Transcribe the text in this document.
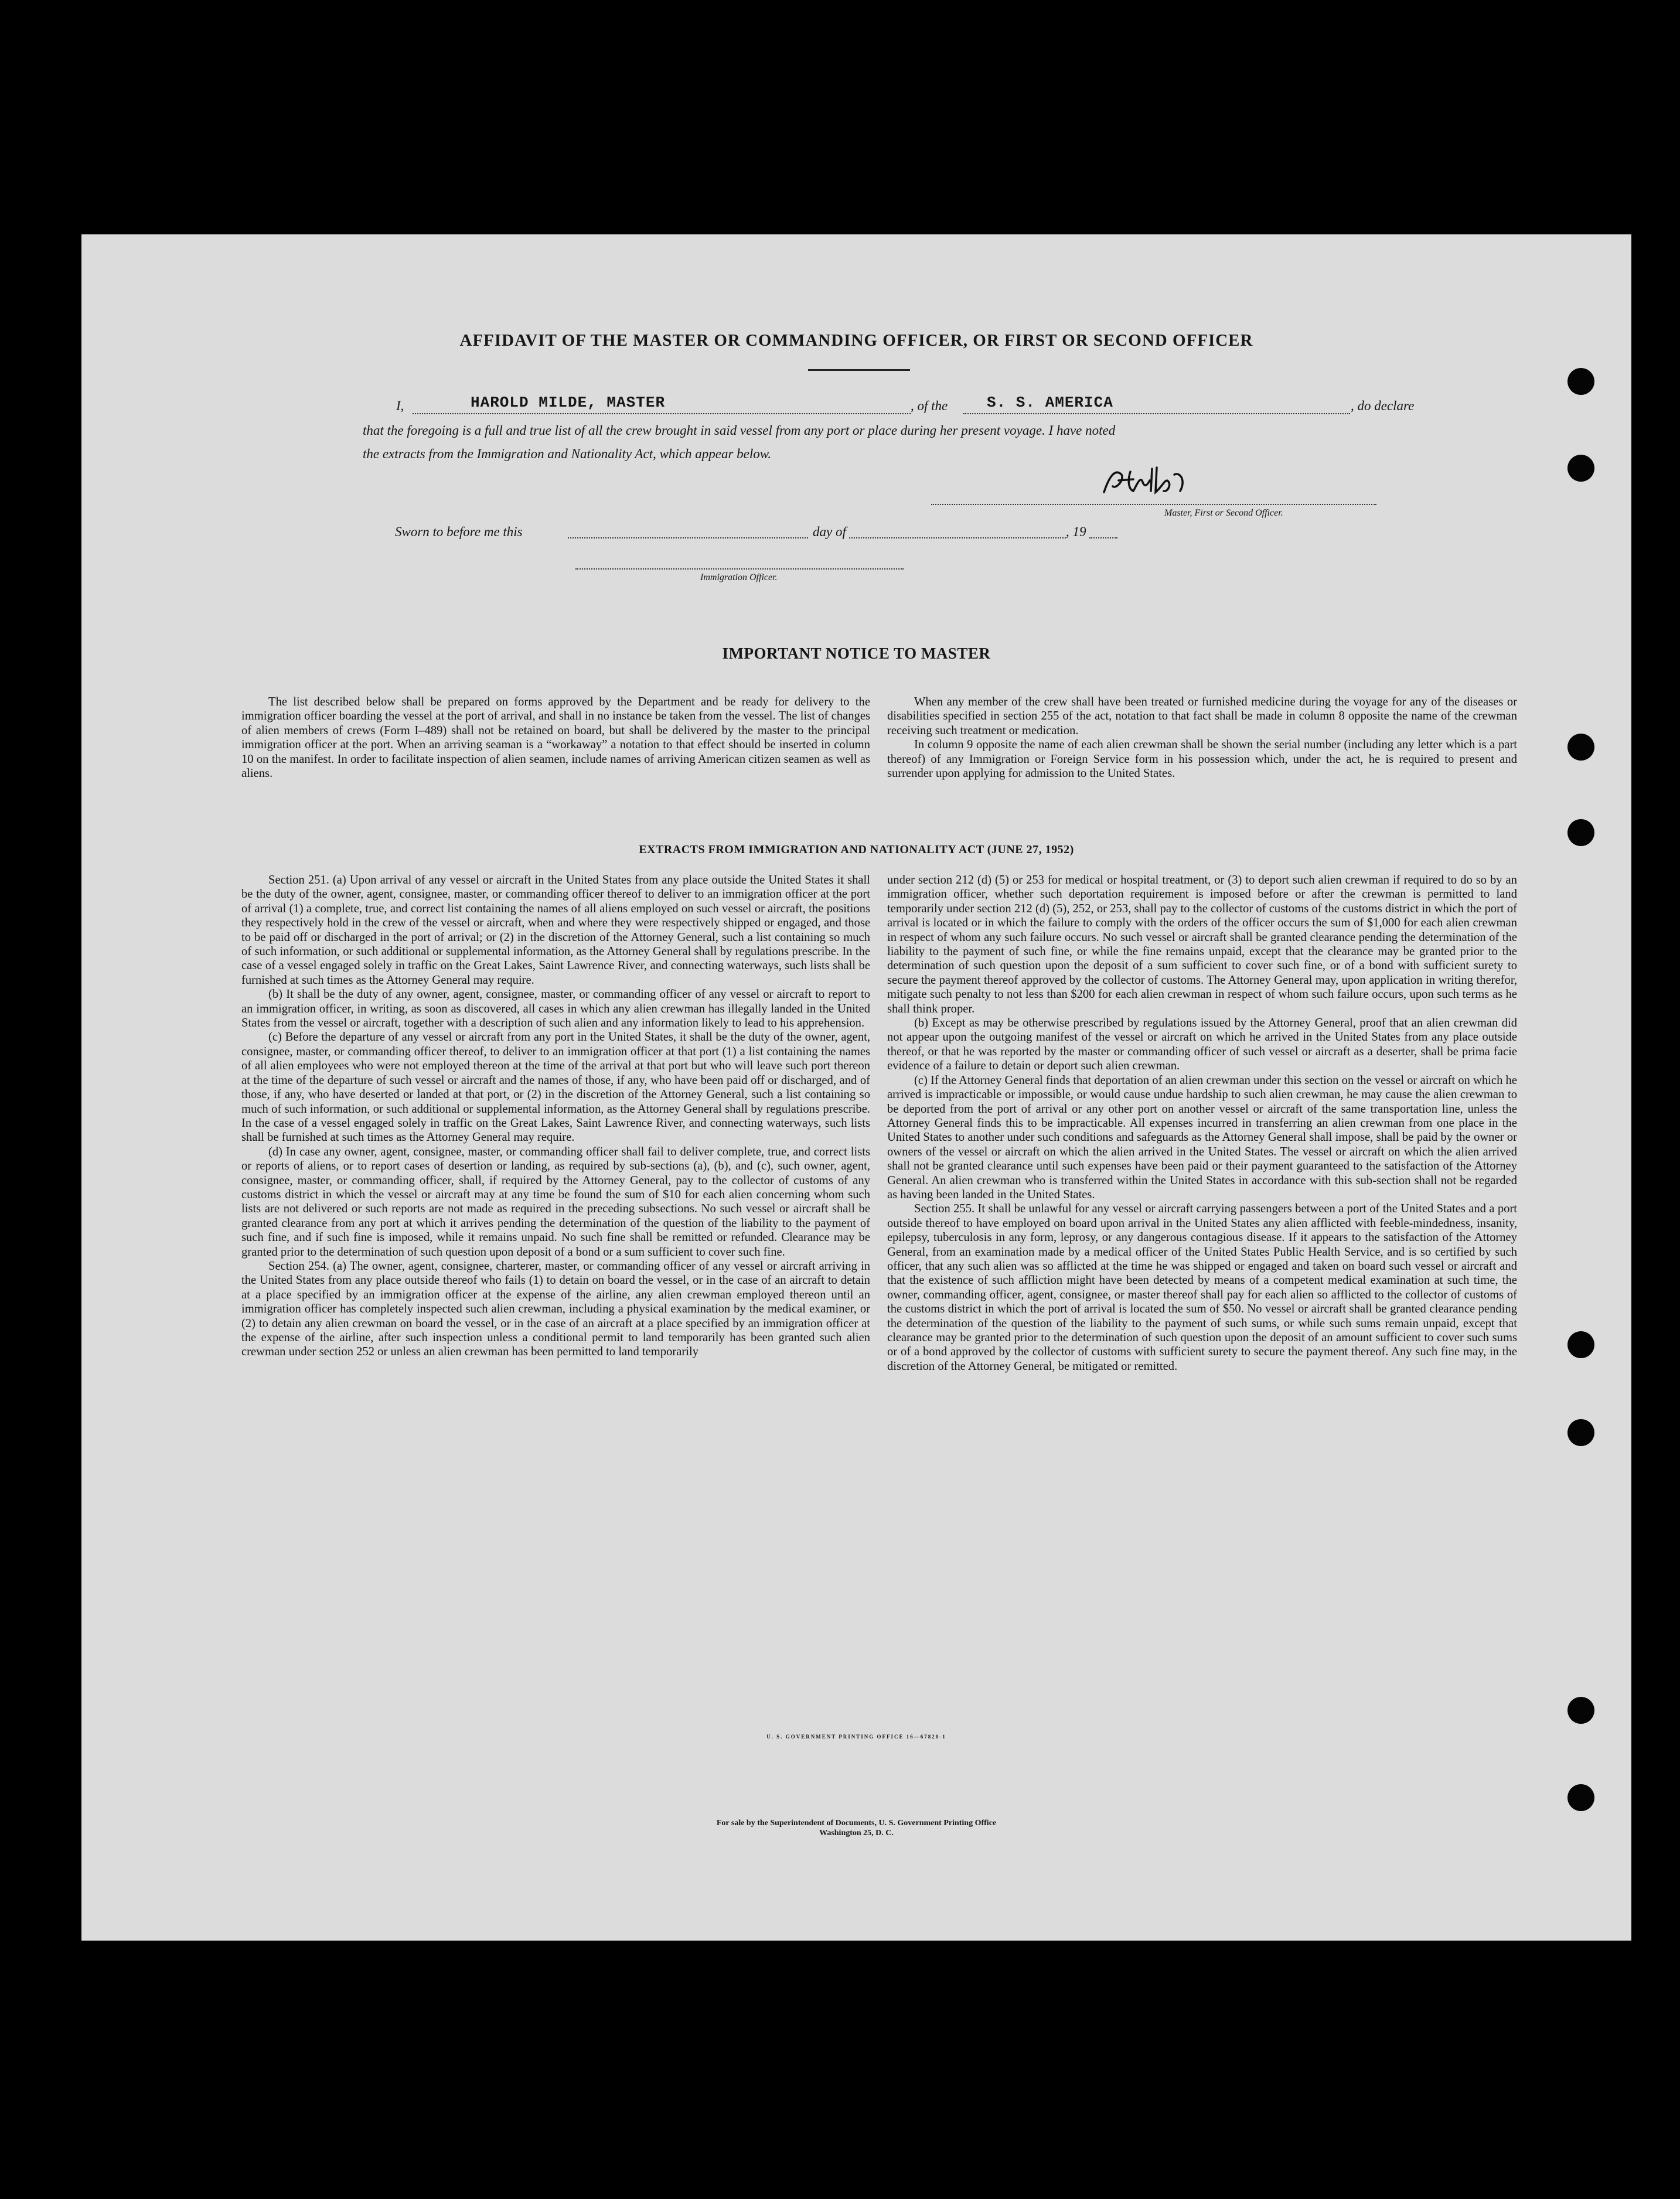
AFFIDAVIT OF THE MASTER OR COMMANDING OFFICER, OR FIRST OR SECOND OFFICER
I,	HAROLD MILDE, MASTER	, of the	S. S. AMERICA	, do declare
that the foregoing is a full and true list of all the crew brought in said vessel from any port or place during her present voyage. I have noted
the extracts from the Immigration and Nationality Act, which appear below.
Master, First or Second Officer.
Sworn to before me this	day of	, 19
Immigration Officer.
IMPORTANT NOTICE TO MASTER

The list described below shall be prepared on forms approved by the Department and be ready for delivery to the immigration officer boarding the vessel at the port of arrival, and shall in no instance be taken from the vessel. The list of changes of alien members of crews (Form I–489) shall not be retained on board, but shall be delivered by the master to the principal immigration officer at the port. When an arriving seaman is a “workaway” a notation to that effect should be inserted in column 10 on the manifest. In order to facilitate inspection of alien seamen, include names of arriving American citizen seamen as well as aliens.

When any member of the crew shall have been treated or furnished medicine during the voyage for any of the diseases or disabilities specified in section 255 of the act, notation to that fact shall be made in column 8 opposite the name of the crewman receiving such treatment or medication.

In column 9 opposite the name of each alien crewman shall be shown the serial number (including any letter which is a part thereof) of any Immigration or Foreign Service form in his possession which, under the act, he is required to present and surrender upon applying for admission to the United States.

EXTRACTS FROM IMMIGRATION AND NATIONALITY ACT (JUNE 27, 1952)

Section 251. (a) Upon arrival of any vessel or aircraft in the United States from any place outside the United States it shall be the duty of the owner, agent, consignee, master, or commanding officer thereof to deliver to an immigration officer at the port of arrival (1) a complete, true, and correct list containing the names of all aliens employed on such vessel or aircraft, the positions they respectively hold in the crew of the vessel or aircraft, when and where they were respectively shipped or engaged, and those to be paid off or discharged in the port of arrival; or (2) in the discretion of the Attorney General, such a list containing so much of such information, or such additional or supplemental information, as the Attorney General shall by regulations prescribe. In the case of a vessel engaged solely in traffic on the Great Lakes, Saint Lawrence River, and connecting waterways, such lists shall be furnished at such times as the Attorney General may require.

(b) It shall be the duty of any owner, agent, consignee, master, or commanding officer of any vessel or aircraft to report to an immigration officer, in writing, as soon as discovered, all cases in which any alien crewman has illegally landed in the United States from the vessel or aircraft, together with a description of such alien and any information likely to lead to his apprehension.

(c) Before the departure of any vessel or aircraft from any port in the United States, it shall be the duty of the owner, agent, consignee, master, or commanding officer thereof, to deliver to an immigration officer at that port (1) a list containing the names of all alien employees who were not employed thereon at the time of the arrival at that port but who will leave such port thereon at the time of the departure of such vessel or aircraft and the names of those, if any, who have been paid off or discharged, and of those, if any, who have deserted or landed at that port, or (2) in the discretion of the Attorney General, such a list containing so much of such information, or such additional or supplemental information, as the Attorney General shall by regulations prescribe. In the case of a vessel engaged solely in traffic on the Great Lakes, Saint Lawrence River, and connecting waterways, such lists shall be furnished at such times as the Attorney General may require.

(d) In case any owner, agent, consignee, master, or commanding officer shall fail to deliver complete, true, and correct lists or reports of aliens, or to report cases of desertion or landing, as required by sub-sections (a), (b), and (c), such owner, agent, consignee, master, or commanding officer, shall, if required by the Attorney General, pay to the collector of customs of any customs district in which the vessel or aircraft may at any time be found the sum of $10 for each alien concerning whom such lists are not delivered or such reports are not made as required in the preceding subsections. No such vessel or aircraft shall be granted clearance from any port at which it arrives pending the determination of the question of the liability to the payment of such fine, and if such fine is imposed, while it remains unpaid. No such fine shall be remitted or refunded. Clearance may be granted prior to the determination of such question upon deposit of a bond or a sum sufficient to cover such fine.

Section 254. (a) The owner, agent, consignee, charterer, master, or commanding officer of any vessel or aircraft arriving in the United States from any place outside thereof who fails (1) to detain on board the vessel, or in the case of an aircraft to detain at a place specified by an immigration officer at the expense of the airline, any alien crewman employed thereon until an immigration officer has completely inspected such alien crewman, including a physical examination by the medical examiner, or (2) to detain any alien crewman on board the vessel, or in the case of an aircraft at a place specified by an immigration officer at the expense of the airline, after such inspection unless a conditional permit to land temporarily has been granted such alien crewman under section 252 or unless an alien crewman has been permitted to land temporarily

under section 212 (d) (5) or 253 for medical or hospital treatment, or (3) to deport such alien crewman if required to do so by an immigration officer, whether such deportation requirement is imposed before or after the crewman is permitted to land temporarily under section 212 (d) (5), 252, or 253, shall pay to the collector of customs of the customs district in which the port of arrival is located or in which the failure to comply with the orders of the officer occurs the sum of $1,000 for each alien crewman in respect of whom any such failure occurs. No such vessel or aircraft shall be granted clearance pending the determination of the liability to the payment of such fine, or while the fine remains unpaid, except that the clearance may be granted prior to the determination of such question upon the deposit of a sum sufficient to cover such fine, or of a bond with sufficient surety to secure the payment thereof approved by the collector of customs. The Attorney General may, upon application in writing therefor, mitigate such penalty to not less than $200 for each alien crewman in respect of whom such failure occurs, upon such terms as he shall think proper.

(b) Except as may be otherwise prescribed by regulations issued by the Attorney General, proof that an alien crewman did not appear upon the outgoing manifest of the vessel or aircraft on which he arrived in the United States from any place outside thereof, or that he was reported by the master or commanding officer of such vessel or aircraft as a deserter, shall be prima facie evidence of a failure to detain or deport such alien crewman.

(c) If the Attorney General finds that deportation of an alien crewman under this section on the vessel or aircraft on which he arrived is impracticable or impossible, or would cause undue hardship to such alien crewman, he may cause the alien crewman to be deported from the port of arrival or any other port on another vessel or aircraft of the same transportation line, unless the Attorney General finds this to be impracticable. All expenses incurred in transferring an alien crewman from one place in the United States to another under such conditions and safeguards as the Attorney General shall impose, shall be paid by the owner or owners of the vessel or aircraft on which the alien arrived in the United States. The vessel or aircraft on which the alien arrived shall not be granted clearance until such expenses have been paid or their payment guaranteed to the satisfaction of the Attorney General. An alien crewman who is transferred within the United States in accordance with this sub-section shall not be regarded as having been landed in the United States.

Section 255. It shall be unlawful for any vessel or aircraft carrying passengers between a port of the United States and a port outside thereof to have employed on board upon arrival in the United States any alien afflicted with feeble-mindedness, insanity, epilepsy, tuberculosis in any form, leprosy, or any dangerous contagious disease. If it appears to the satisfaction of the Attorney General, from an examination made by a medical officer of the United States Public Health Service, and is so certified by such officer, that any such alien was so afflicted at the time he was shipped or engaged and taken on board such vessel or aircraft and that the existence of such affliction might have been detected by means of a competent medical examination at such time, the owner, commanding officer, agent, consignee, or master thereof shall pay for each alien so afflicted to the collector of customs of the customs district in which the port of arrival is located the sum of $50. No vessel or aircraft shall be granted clearance pending the determination of the question of the liability to the payment of such sums, or while such sums remain unpaid, except that clearance may be granted prior to the determination of such question upon the deposit of an amount sufficient to cover such sums or of a bond approved by the collector of customs with sufficient surety to secure the payment thereof. Any such fine may, in the discretion of the Attorney General, be mitigated or remitted.

U. S. GOVERNMENT PRINTING OFFICE 16—67820-1
For sale by the Superintendent of Documents, U. S. Government Printing Office
Washington 25, D. C.
